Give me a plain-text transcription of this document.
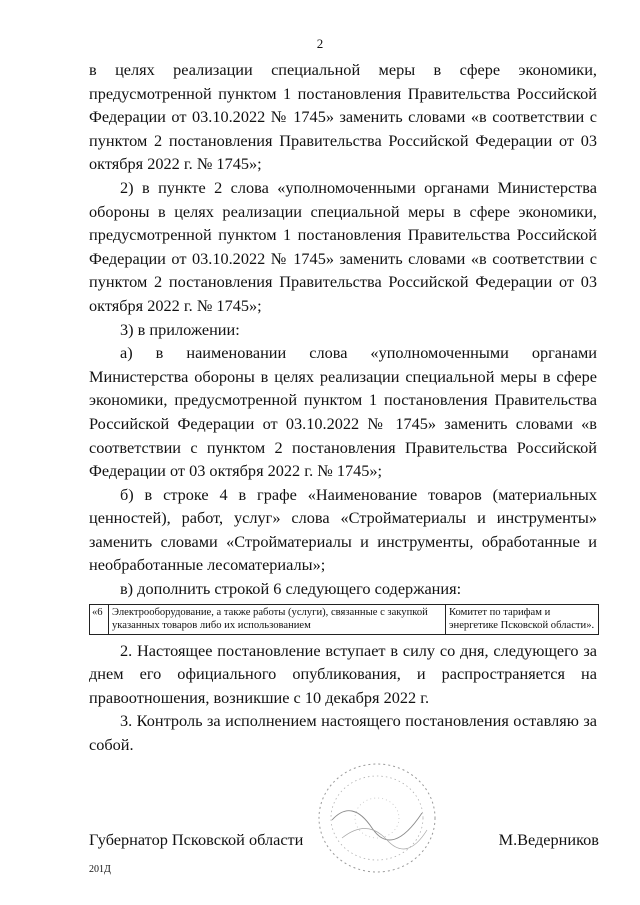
2

в целях реализации специальной меры в сфере экономики, предусмотренной пунктом 1 постановления Правительства Российской Федерации от 03.10.2022 № 1745» заменить словами «в соответствии с пунктом 2 постановления Правительства Российской Федерации от 03 октября 2022 г. № 1745»;

2) в пункте 2 слова «уполномоченными органами Министерства обороны в целях реализации специальной меры в сфере экономики, предусмотренной пунктом 1 постановления Правительства Российской Федерации от 03.10.2022 № 1745» заменить словами «в соответствии с пунктом 2 постановления Правительства Российской Федерации от 03 октября 2022 г. № 1745»;

3) в приложении:

а) в наименовании слова «уполномоченными органами Министерства обороны в целях реализации специальной меры в сфере экономики, предусмотренной пунктом 1 постановления Правительства Российской Федерации от 03.10.2022 № 1745» заменить словами «в соответствии с пунктом 2 постановления Правительства Российской Федерации от 03 октября 2022 г. № 1745»;

б) в строке 4 в графе «Наименование товаров (материальных ценностей), работ, услуг» слова «Стройматериалы и инструменты» заменить словами «Стройматериалы и инструменты, обработанные и необработанные лесоматериалы»;

в) дополнить строкой 6 следующего содержания:

«6	Электрооборудование, а также работы (услуги), связанные с закупкой указанных товаров либо их использованием	Комитет по тарифам и энергетике Псковской области».

2. Настоящее постановление вступает в силу со дня, следующего за днем его официального опубликования, и распространяется на правоотношения, возникшие с 10 декабря 2022 г.

3. Контроль за исполнением настоящего постановления оставляю за собой.

Губернатор Псковской области	М.Ведерников
201Д
